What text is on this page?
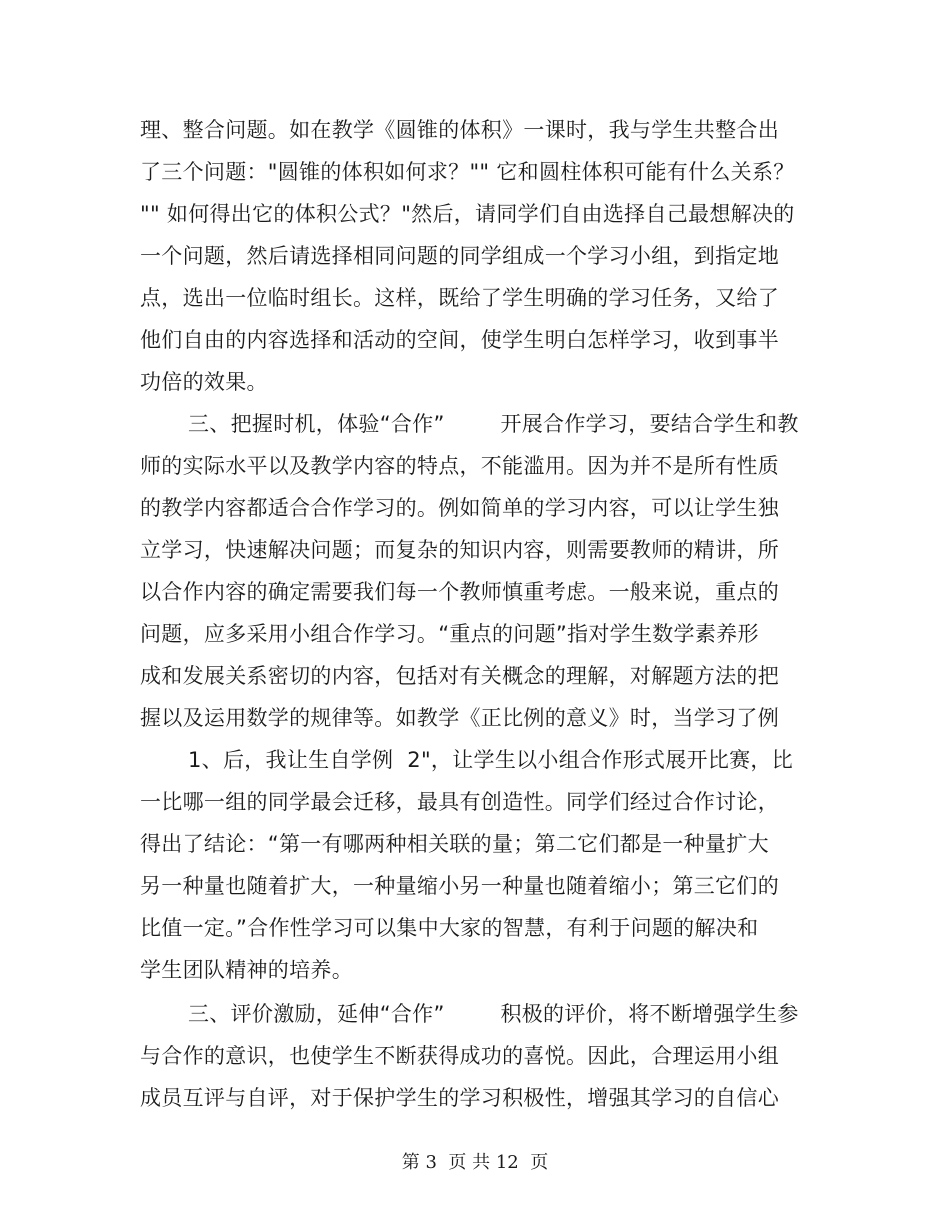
理、整合问题。如在教学《圆锥的体积》一课时，我与学生共整合出
了三个问题："圆锥的体积如何求？"" 它和圆柱体积可能有什么关系？
"" 如何得出它的体积公式？"然后，请同学们自由选择自己最想解决的
一个问题，然后请选择相同问题的同学组成一个学习小组，到指定地
点，选出一位临时组长。这样，既给了学生明确的学习任务，又给了
他们自由的内容选择和活动的空间，使学生明白怎样学习，收到事半
功倍的效果。
三、把握时机，体验“合作”        开展合作学习，要结合学生和教
师的实际水平以及教学内容的特点，不能滥用。因为并不是所有性质
的教学内容都适合合作学习的。例如简单的学习内容，可以让学生独
立学习，快速解决问题；而复杂的知识内容，则需要教师的精讲，所
以合作内容的确定需要我们每一个教师慎重考虑。一般来说，重点的
问题，应多采用小组合作学习。“重点的问题”指对学生数学素养形
成和发展关系密切的内容，包括对有关概念的理解，对解题方法的把
握以及运用数学的规律等。如教学《正比例的意义》时，当学习了例
1、后，我让生自学例  2"，让学生以小组合作形式展开比赛，比
一比哪一组的同学最会迁移，最具有创造性。同学们经过合作讨论，
得出了结论：“第一有哪两种相关联的量；第二它们都是一种量扩大
另一种量也随着扩大，一种量缩小另一种量也随着缩小；第三它们的
比值一定。”合作性学习可以集中大家的智慧，有利于问题的解决和
学生团队精神的培养。
三、评价激励，延伸“合作”        积极的评价，将不断增强学生参
与合作的意识，也使学生不断获得成功的喜悦。因此，合理运用小组
成员互评与自评，对于保护学生的学习积极性，增强其学习的自信心
第 3  页 共 12  页
